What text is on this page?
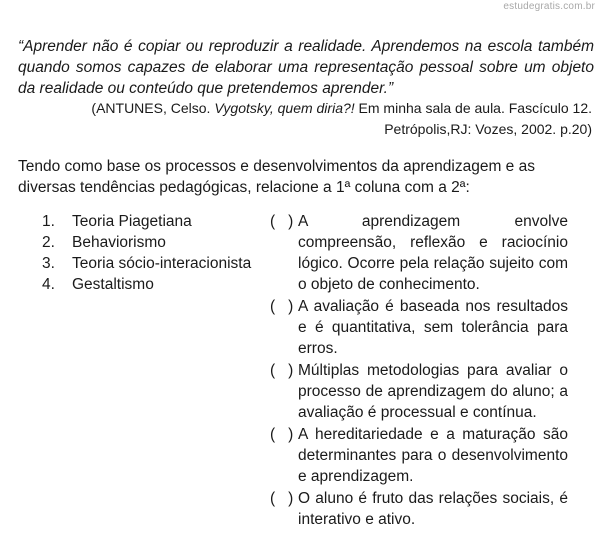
estudegratis.com.br

“Aprender não é copiar ou reproduzir a realidade. Aprendemos na escola também quando somos capazes de elaborar uma representação pessoal sobre um objeto da realidade ou conteúdo que pretendemos aprender.”

(ANTUNES, Celso. Vygotsky, quem diria?! Em minha sala de aula. Fascículo 12.
Petrópolis,RJ: Vozes, 2002. p.20)

Tendo como base os processos e desenvolvimentos da aprendizagem e as diversas tendências pedagógicas, relacione a 1ª coluna com a 2ª:

1.	Teoria Piagetiana
2.	Behaviorismo
3.	Teoria sócio-interacionista
4.	Gestaltismo
(   ) A aprendizagem envolve compreensão, reflexão e raciocínio lógico. Ocorre pela relação sujeito com o objeto de conhecimento.
(   ) A avaliação é baseada nos resultados e é quantitativa, sem tolerância para erros.
(   ) Múltiplas metodologias para avaliar o processo de aprendizagem do aluno; a avaliação é processual e contínua.
(   ) A hereditariedade e a maturação são determinantes para o desenvolvimento e aprendizagem.
(   ) O aluno é fruto das relações sociais, é interativo e ativo.
